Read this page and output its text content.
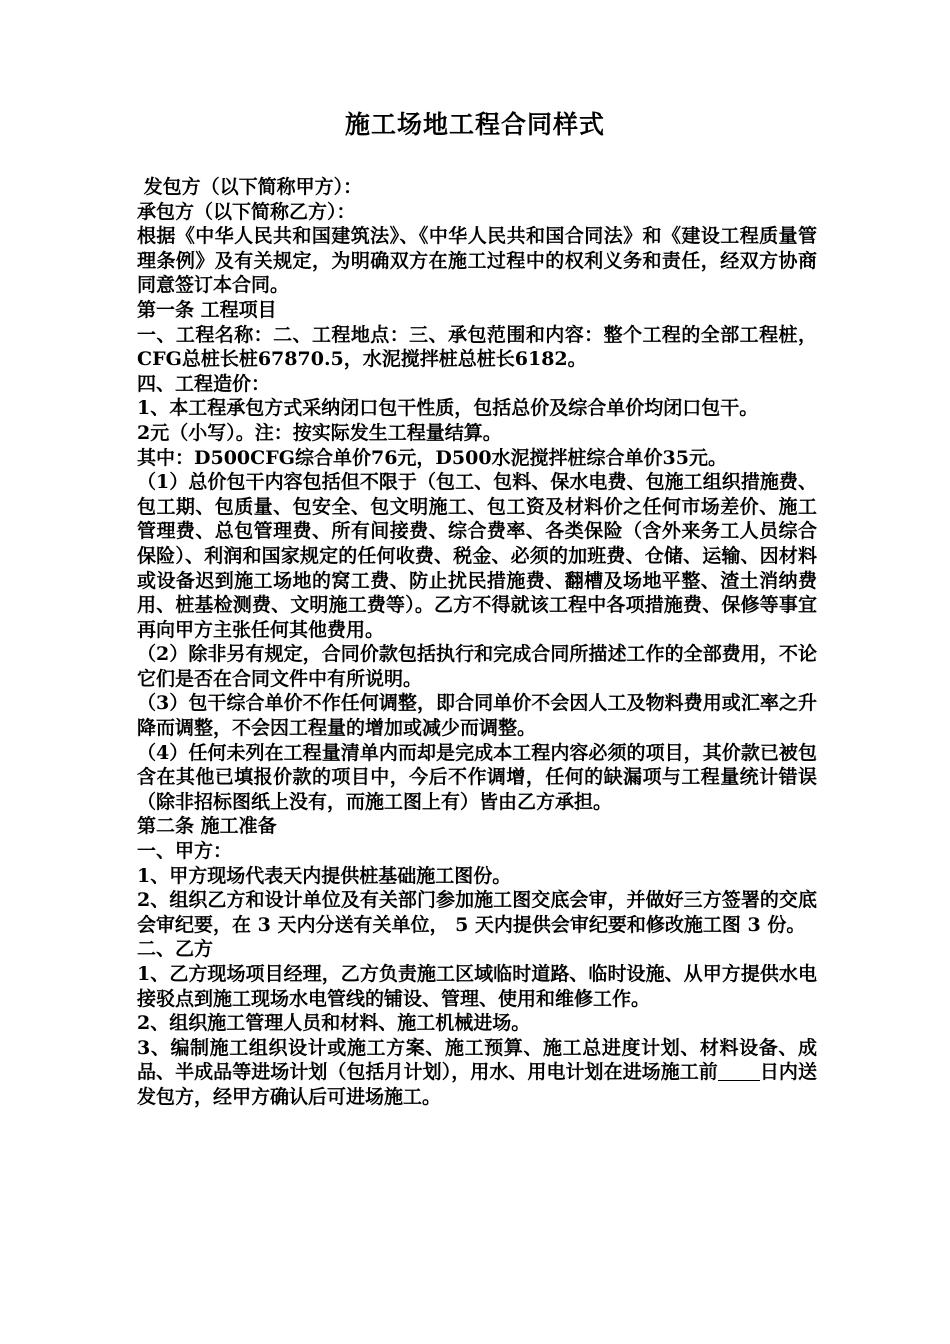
施工场地工程合同样式

发包方（以下简称甲方）：

承包方（以下简称乙方）：

根据《中华人民共和国建筑法》、《中华人民共和国合同法》和《建设工程质量管理条例》及有关规定，为明确双方在施工过程中的权利义务和责任，经双方协商同意签订本合同。

第一条 工程项目

一、工程名称：二、工程地点：三、承包范围和内容：整个工程的全部工程桩，CFG总桩长桩67870.5，水泥搅拌桩总桩长6182。

四、工程造价：

1、本工程承包方式采纳闭口包干性质，包括总价及综合单价均闭口包干。

2元（小写）。注：按实际发生工程量结算。

其中：D500CFG综合单价76元，D500水泥搅拌桩综合单价35元。

（1）总价包干内容包括但不限于（包工、包料、保水电费、包施工组织措施费、包工期、包质量、包安全、包文明施工、包工资及材料价之任何市场差价、施工管理费、总包管理费、所有间接费、综合费率、各类保险（含外来务工人员综合保险）、利润和国家规定的任何收费、税金、必须的加班费、仓储、运输、因材料或设备迟到施工场地的窝工费、防止扰民措施费、翻槽及场地平整、渣土消纳费用、桩基检测费、文明施工费等）。乙方不得就该工程中各项措施费、保修等事宜再向甲方主张任何其他费用。

（2）除非另有规定，合同价款包括执行和完成合同所描述工作的全部费用，不论它们是否在合同文件中有所说明。

（3）包干综合单价不作任何调整，即合同单价不会因人工及物料费用或汇率之升降而调整，不会因工程量的增加或减少而调整。

（4）任何未列在工程量清单内而却是完成本工程内容必须的项目，其价款已被包含在其他已填报价款的项目中，今后不作调增，任何的缺漏项与工程量统计错误（除非招标图纸上没有，而施工图上有）皆由乙方承担。

第二条 施工准备

一、甲方：

1、甲方现场代表天内提供桩基础施工图份。

2、组织乙方和设计单位及有关部门参加施工图交底会审，并做好三方签署的交底会审纪要，在 3 天内分送有关单位， 5 天内提供会审纪要和修改施工图 3 份。

二、乙方

1、乙方现场项目经理，乙方负责施工区域临时道路、临时设施、从甲方提供水电接驳点到施工现场水电管线的铺设、管理、使用和维修工作。

2、组织施工管理人员和材料、施工机械进场。

3、编制施工组织设计或施工方案、施工预算、施工总进度计划、材料设备、成品、半成品等进场计划（包括月计划），用水、用电计划在进场施工前 日内送发包方，经甲方确认后可进场施工。
